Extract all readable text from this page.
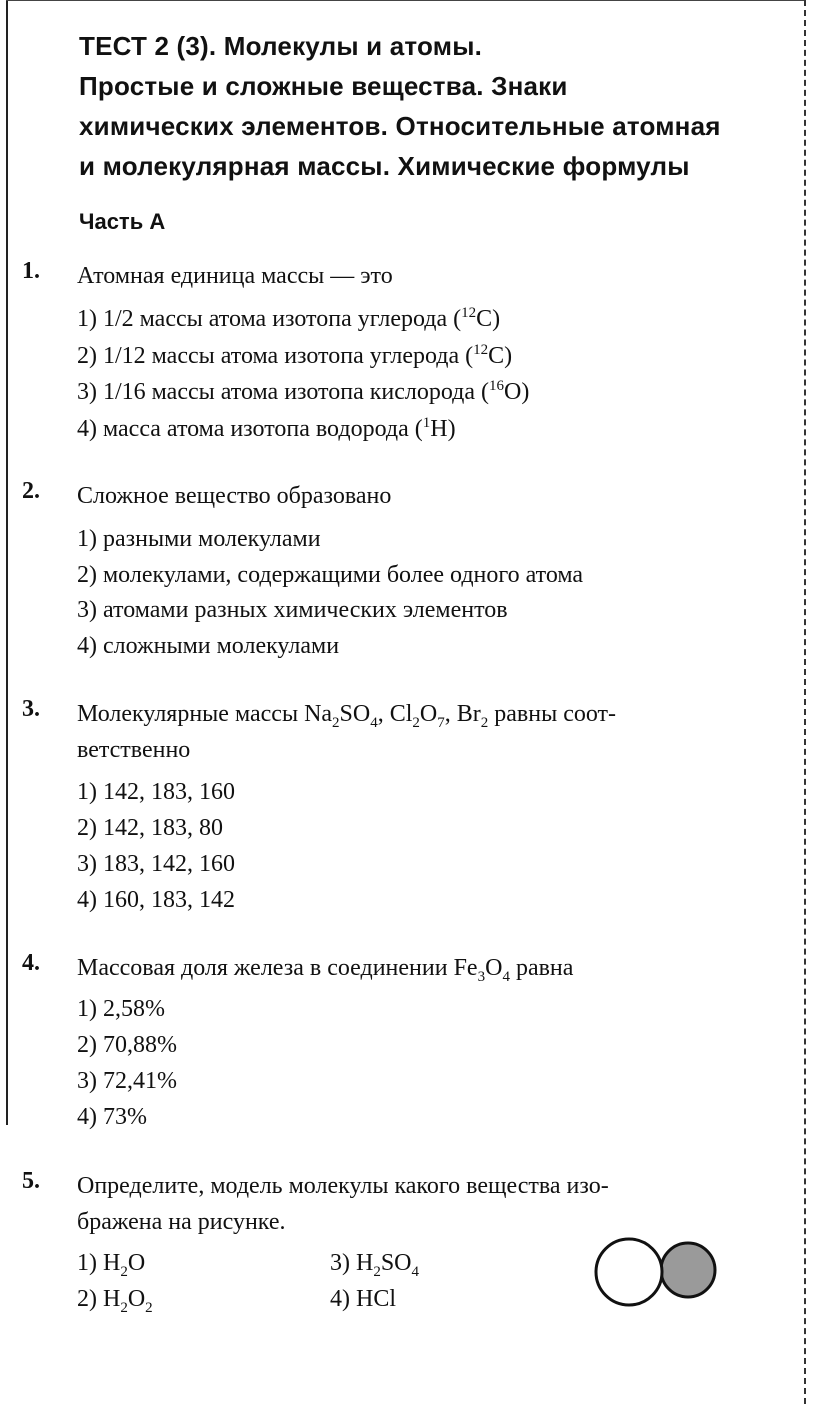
ТЕСТ 2 (3). Молекулы и атомы.
Простые и сложные вещества. Знаки
химических элементов. Относительные атомная
и молекулярная массы. Химические формулы
Часть А
1. Атомная единица массы — это
1) 1/2 массы атома изотопа углерода ($^{12}$С)
2) 1/12 массы атома изотопа углерода ($^{12}$С)
3) 1/16 массы атома изотопа кислорода ($^{16}$О)
4) масса атома изотопа водорода ($^1$Н)
2. Сложное вещество образовано
1) разными молекулами
2) молекулами, содержащими более одного атома
3) атомами разных химических элементов
4) сложными молекулами
3. Молекулярные массы $Na_2SO_4$, $Cl_2O_7$, $Br_2$ равны соот-
ветственно
1) 142, 183, 160
2) 142, 183, 80
3) 183, 142, 160
4) 160, 183, 142
4. Массовая доля железа в соединении $Fe_3O_4$ равна
1) 2,58%
2) 70,88%
3) 72,41%
4) 73%
5. Определите, модель молекулы какого вещества изо-
бражена на рисунке.
1) $H_2O$
2) $H_2O_2$
3) $H_2SO_4$
4) HCl
